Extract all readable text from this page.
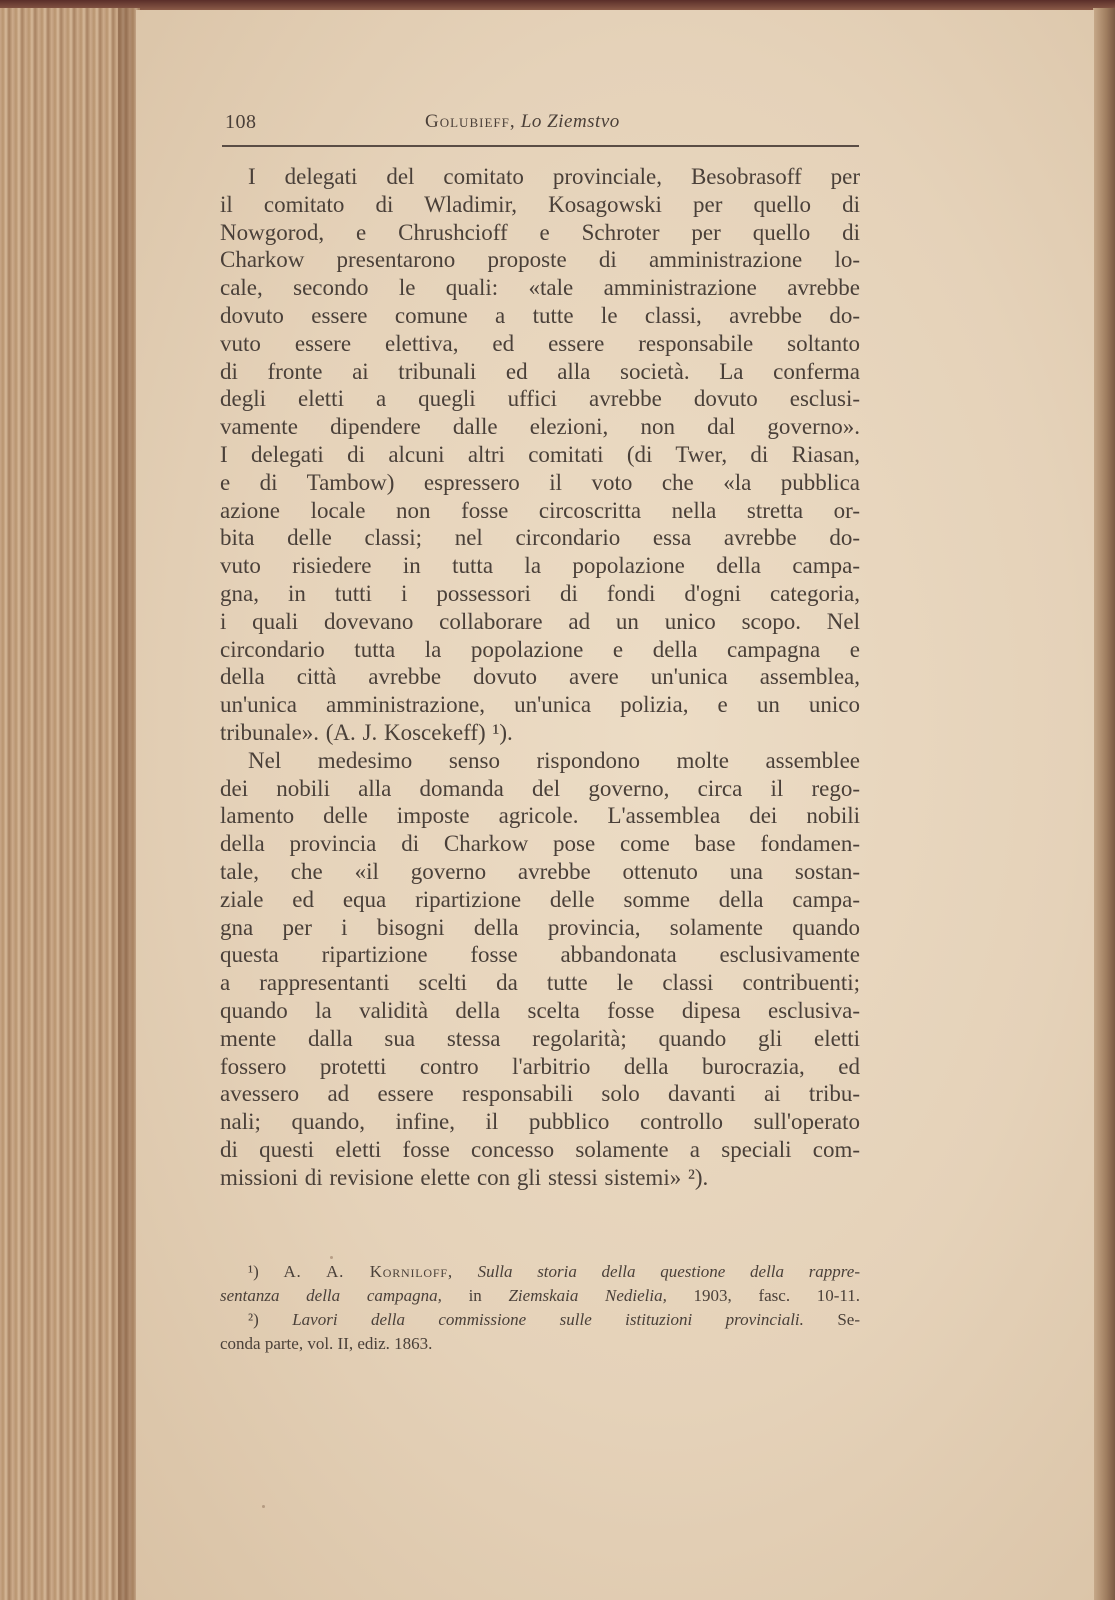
108	Golubieff, Lo Ziemstvo
I delegati del comitato provinciale, Besobrasoff per
il comitato di Wladimir, Kosagowski per quello di
Nowgorod, e Chrushcioff e Schroter per quello di
Charkow presentarono proposte di amministrazione lo-
cale, secondo le quali: «tale amministrazione avrebbe
dovuto essere comune a tutte le classi, avrebbe do-
vuto essere elettiva, ed essere responsabile soltanto
di fronte ai tribunali ed alla società. La conferma
degli eletti a quegli uffici avrebbe dovuto esclusi-
vamente dipendere dalle elezioni, non dal governo».
I delegati di alcuni altri comitati (di Twer, di Riasan,
e di Tambow) espressero il voto che «la pubblica
azione locale non fosse circoscritta nella stretta or-
bita delle classi; nel circondario essa avrebbe do-
vuto risiedere in tutta la popolazione della campa-
gna, in tutti i possessori di fondi d'ogni categoria,
i quali dovevano collaborare ad un unico scopo. Nel
circondario tutta la popolazione e della campagna e
della città avrebbe dovuto avere un'unica assemblea,
un'unica amministrazione, un'unica polizia, e un unico
tribunale». (A. J. Koscekeff) ¹).
Nel medesimo senso rispondono molte assemblee
dei nobili alla domanda del governo, circa il rego-
lamento delle imposte agricole. L'assemblea dei nobili
della provincia di Charkow pose come base fondamen-
tale, che «il governo avrebbe ottenuto una sostan-
ziale ed equa ripartizione delle somme della campa-
gna per i bisogni della provincia, solamente quando
questa ripartizione fosse abbandonata esclusivamente
a rappresentanti scelti da tutte le classi contribuenti;
quando la validità della scelta fosse dipesa esclusiva-
mente dalla sua stessa regolarità; quando gli eletti
fossero protetti contro l'arbitrio della burocrazia, ed
avessero ad essere responsabili solo davanti ai tribu-
nali; quando, infine, il pubblico controllo sull'operato
di questi eletti fosse concesso solamente a speciali com-
missioni di revisione elette con gli stessi sistemi» ²).
¹) A. A. Korniloff, Sulla storia della questione della rappre-
sentanza della campagna, in Ziemskaia Nedielia, 1903, fasc. 10-11.
²) Lavori della commissione sulle istituzioni provinciali. Se-
conda parte, vol. II, ediz. 1863.
